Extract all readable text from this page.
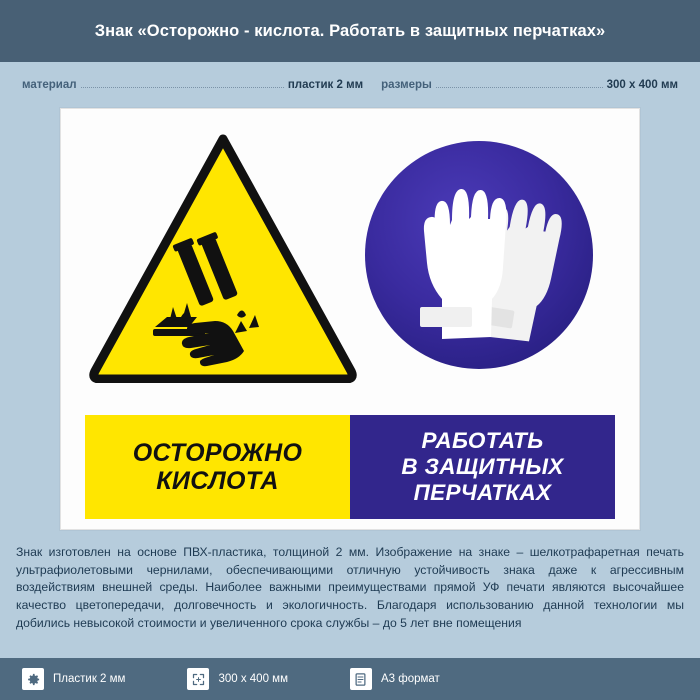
Знак «Осторожно - кислота. Работать в защитных перчатках»
материал	пластик 2 мм размеры	300 х 400 мм
ОСТОРОЖНО
КИСЛОТА
РАБОТАТЬ
В ЗАЩИТНЫХ
ПЕРЧАТКАХ
Знак изготовлен на основе ПВХ-пластика, толщиной 2 мм. Изображение на знаке – шелкотрафаретная печать ультрафиолетовыми чернилами, обеспечивающими отличную устойчивость знака даже к агрессивным воздействиям внешней среды. Наиболее важными преимуществами прямой УФ печати являются высочайшее качество цветопередачи, долговечность и экологичность. Благодаря использованию данной технологии мы добились невысокой стоимости и увеличенного срока службы – до 5 лет вне помещения
Пластик 2 мм	300 х 400 мм	А3 формат
